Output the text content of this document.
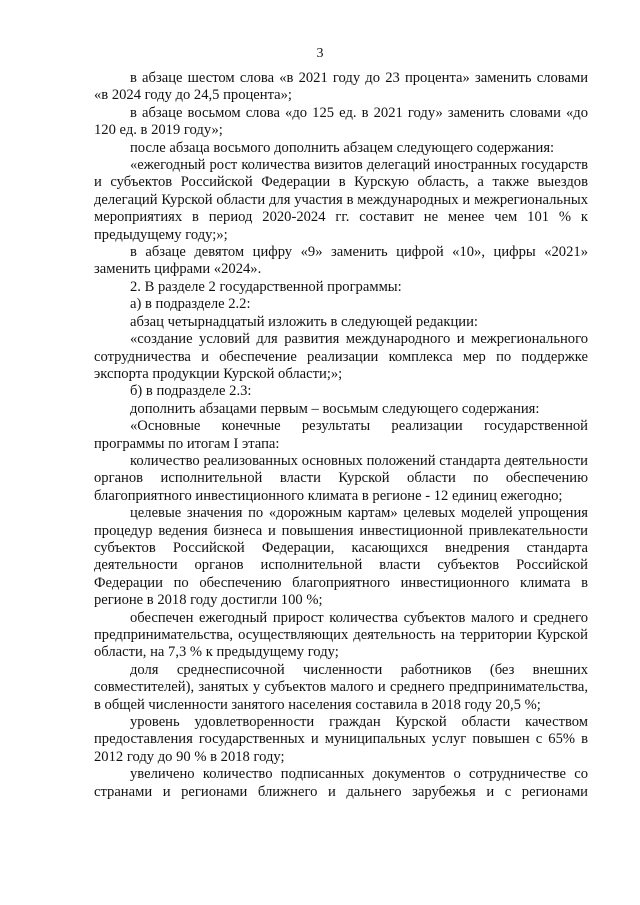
3

в абзаце шестом слова «в 2021 году до 23 процента» заменить словами «в 2024 году до 24,5 процента»;

в абзаце восьмом слова «до 125 ед. в 2021 году» заменить словами «до 120 ед. в 2019 году»;

после абзаца восьмого дополнить абзацем следующего содержания:

«ежегодный рост количества визитов делегаций иностранных государств и субъектов Российской Федерации в Курскую область, а также выездов делегаций Курской области для участия в международных и межрегиональных мероприятиях в период 2020-2024 гг. составит не менее чем 101 % к предыдущему году;»;

в абзаце девятом цифру «9» заменить цифрой «10», цифры «2021» заменить цифрами «2024».

2. В разделе 2 государственной программы:

а) в подразделе 2.2:

абзац четырнадцатый изложить в следующей редакции:

«создание условий для развития международного и межрегионального сотрудничества и обеспечение реализации комплекса мер по поддержке экспорта продукции Курской области;»;

б) в подразделе 2.3:

дополнить абзацами первым – восьмым следующего содержания:

«Основные конечные результаты реализации государственной программы по итогам I этапа:

количество реализованных основных положений стандарта деятельности органов исполнительной власти Курской области по обеспечению благоприятного инвестиционного климата в регионе - 12 единиц ежегодно;

целевые значения по «дорожным картам» целевых моделей упрощения процедур ведения бизнеса и повышения инвестиционной привлекательности субъектов Российской Федерации, касающихся внедрения стандарта деятельности органов исполнительной власти субъектов Российской Федерации по обеспечению благоприятного инвестиционного климата в регионе в 2018 году достигли 100 %;

обеспечен ежегодный прирост количества субъектов малого и среднего предпринимательства, осуществляющих деятельность на территории Курской области, на 7,3 % к предыдущему году;

доля среднесписочной численности работников (без внешних совместителей), занятых у субъектов малого и среднего предпринимательства, в общей численности занятого населения составила в 2018 году 20,5 %;

уровень удовлетворенности граждан Курской области качеством предоставления государственных и муниципальных услуг повышен с 65% в 2012 году до 90 % в 2018 году;

увеличено количество подписанных документов о сотрудничестве со странами и регионами ближнего и дальнего зарубежья и с регионами
